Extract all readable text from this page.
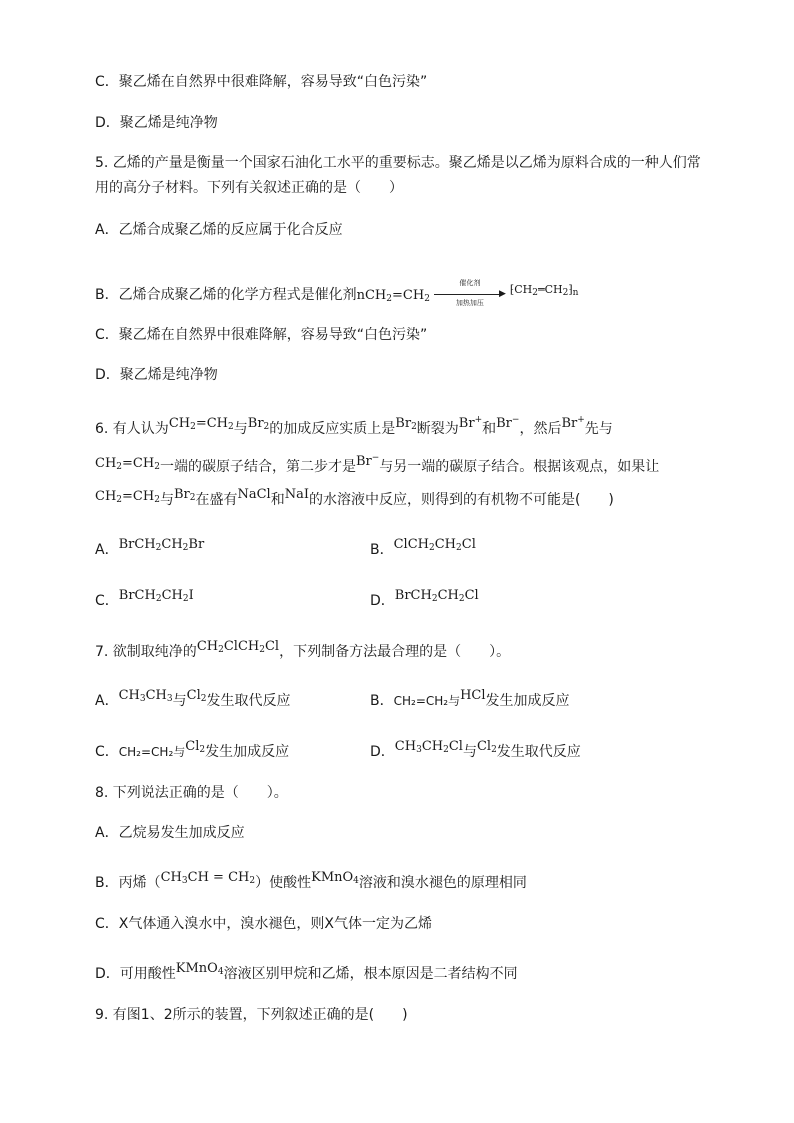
C．聚乙烯在自然界中很难降解，容易导致“白色污染”
D．聚乙烯是纯净物
5. 乙烯的产量是衡量一个国家石油化工水平的重要标志。聚乙烯是以乙烯为原料合成的一种人们常
用的高分子材料。下列有关叙述正确的是（　　）
A．乙烯合成聚乙烯的反应属于化合反应
B．乙烯合成聚乙烯的化学方程式是催化剂$nCH_2=CH_2$
催化剂
▶
加热加压
$^{⁅CH_2═CH_2⁆_n}$
C．聚乙烯在自然界中很难降解，容易导致“白色污染”
D．聚乙烯是纯净物
6. 有人认为$CH_2=CH_2$与$Br_2$的加成反应实质上是$Br_2$断裂为Br+和Br−，然后Br+先与
$CH_2=CH_2$一端的碳原子结合，第二步才是Br−与另一端的碳原子结合。根据该观点，如果让
$CH_2=CH_2$与$Br_2$在盛有NaCl和NaI的水溶液中反应，则得到的有机物不可能是(　　)
A．$BrCH_2CH_2Br$	B．$ClCH_2CH_2Cl$
C．$BrCH_2CH_2I$	D．$BrCH_2CH_2Cl$
7. 欲制取纯净的$CH_2ClCH_2Cl$，下列制备方法最合理的是（　　）。
A．$CH_3CH_3$与$Cl_2$发生取代反应	B．CH₂=CH₂与HCl发生加成反应
C．CH₂=CH₂与$Cl_2$发生加成反应	D．$CH_3CH_2Cl$与$Cl_2$发生取代反应
8. 下列说法正确的是（　　）。
A．乙烷易发生加成反应
B．丙烯$(CH_3CH = CH_2)$使酸性KMnO$_4$溶液和溴水褪色的原理相同
C．X气体通入溴水中，溴水褪色，则X气体一定为乙烯
D．可用酸性KMnO$_4$溶液区别甲烷和乙烯，根本原因是二者结构不同
9. 有图1、2所示的装置，下列叙述正确的是(　　)
